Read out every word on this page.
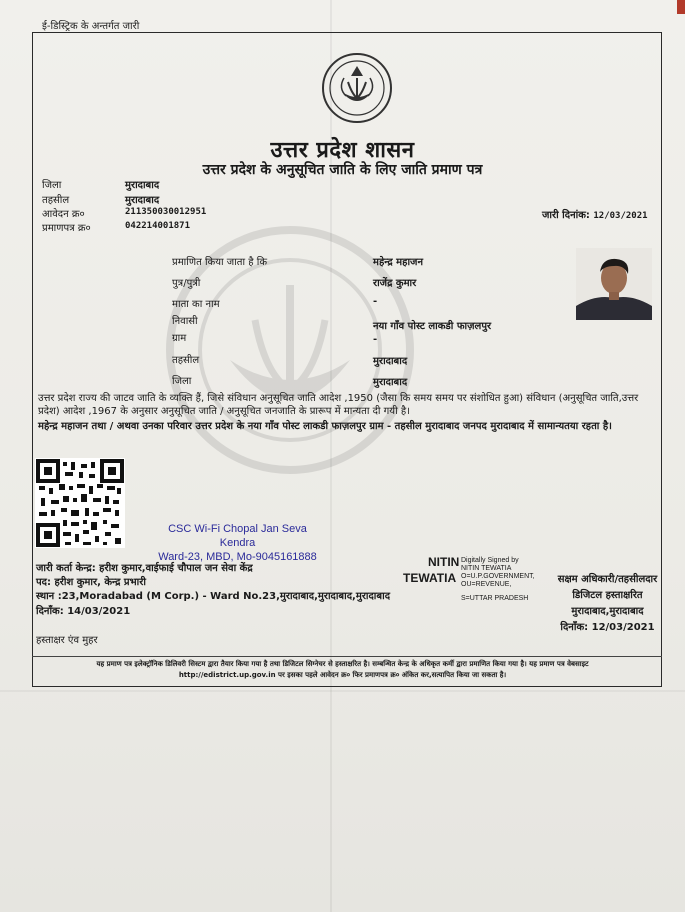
ई-डिस्ट्रिक के अन्तर्गत जारी
उत्तर प्रदेश शासन
उत्तर प्रदेश के अनुसूचित जाति के लिए जाति प्रमाण पत्र
जिला	मुरादाबाद
तहसील	मुरादाबाद
आवेदन क्र०	211350030012951
प्रमाणपत्र क्र०	042214001871
जारी दिनांक: 12/03/2021
प्रमाणित किया जाता है कि	महेन्द्र महाजन
पुत्र/पुत्री	राजेंद्र कुमार
माता का नाम	-
निवासी	नया गाँव पोस्ट लाकडी फाज़लपुर
ग्राम	-
तहसील	मुरादाबाद
जिला	मुरादाबाद
उत्तर प्रदेश राज्य की जाटव जाति के व्यक्ति हैं, जिसे संविधान अनुसूचित जाति आदेश ,1950 (जैसा कि समय समय पर संशोधित हुआ) संविधान (अनुसूचित जाति,उत्तर प्रदेश) आदेश ,1967 के अनुसार अनुसूचित जाति / अनुसूचित जनजाति के प्रारूप में मान्यता दी गयी है।
महेन्द्र महाजन तथा / अथवा उनका परिवार उत्तर प्रदेश के नया गाँव पोस्ट लाकडी फाज़लपुर ग्राम - तहसील मुरादाबाद जनपद मुरादाबाद में सामान्यतया रहता है।
CSC Wi-Fi Chopal Jan Seva Kendra
Ward-23, MBD, Mo-9045161888
जारी कर्ता केन्द्र: हरीश कुमार,वाईफाई चौपाल जन सेवा केंद्र
पद: हरीश कुमार, केन्द्र प्रभारी
स्थान :23,Moradabad (M Corp.) - Ward No.23,मुरादाबाद,मुरादाबाद,मुरादाबाद
दिनाँक: 14/03/2021
NITIN
TEWATIA
Digitally Signed by
NITIN TEWATIA
O=U.P.GOVERNMENT,
OU=REVENUE,
S=UTTAR PRADESH
सक्षम अधिकारी/तहसीलदार
डिजिटल हस्ताक्षरित
मुरादाबाद,मुरादाबाद
दिनाँक: 12/03/2021
हस्ताक्षर एंव मुहर
यह प्रमाण पत्र इलेक्ट्रॉनिक डिलिवरी सिस्टम द्वारा तैयार किया गया है तथा डिजिटल सिग्नेचर से हस्ताक्षरित है। सम्बन्धित केन्द्र के अधिकृत कर्मी द्वारा प्रमाणित किया गया है। यह प्रमाण पत्र वेबसाइट
http://edistrict.up.gov.in पर इसका पहले आवेदन क्र० फिर प्रमाणपत्र क्र० अंकित कर,सत्यापित किया जा सकता है।
